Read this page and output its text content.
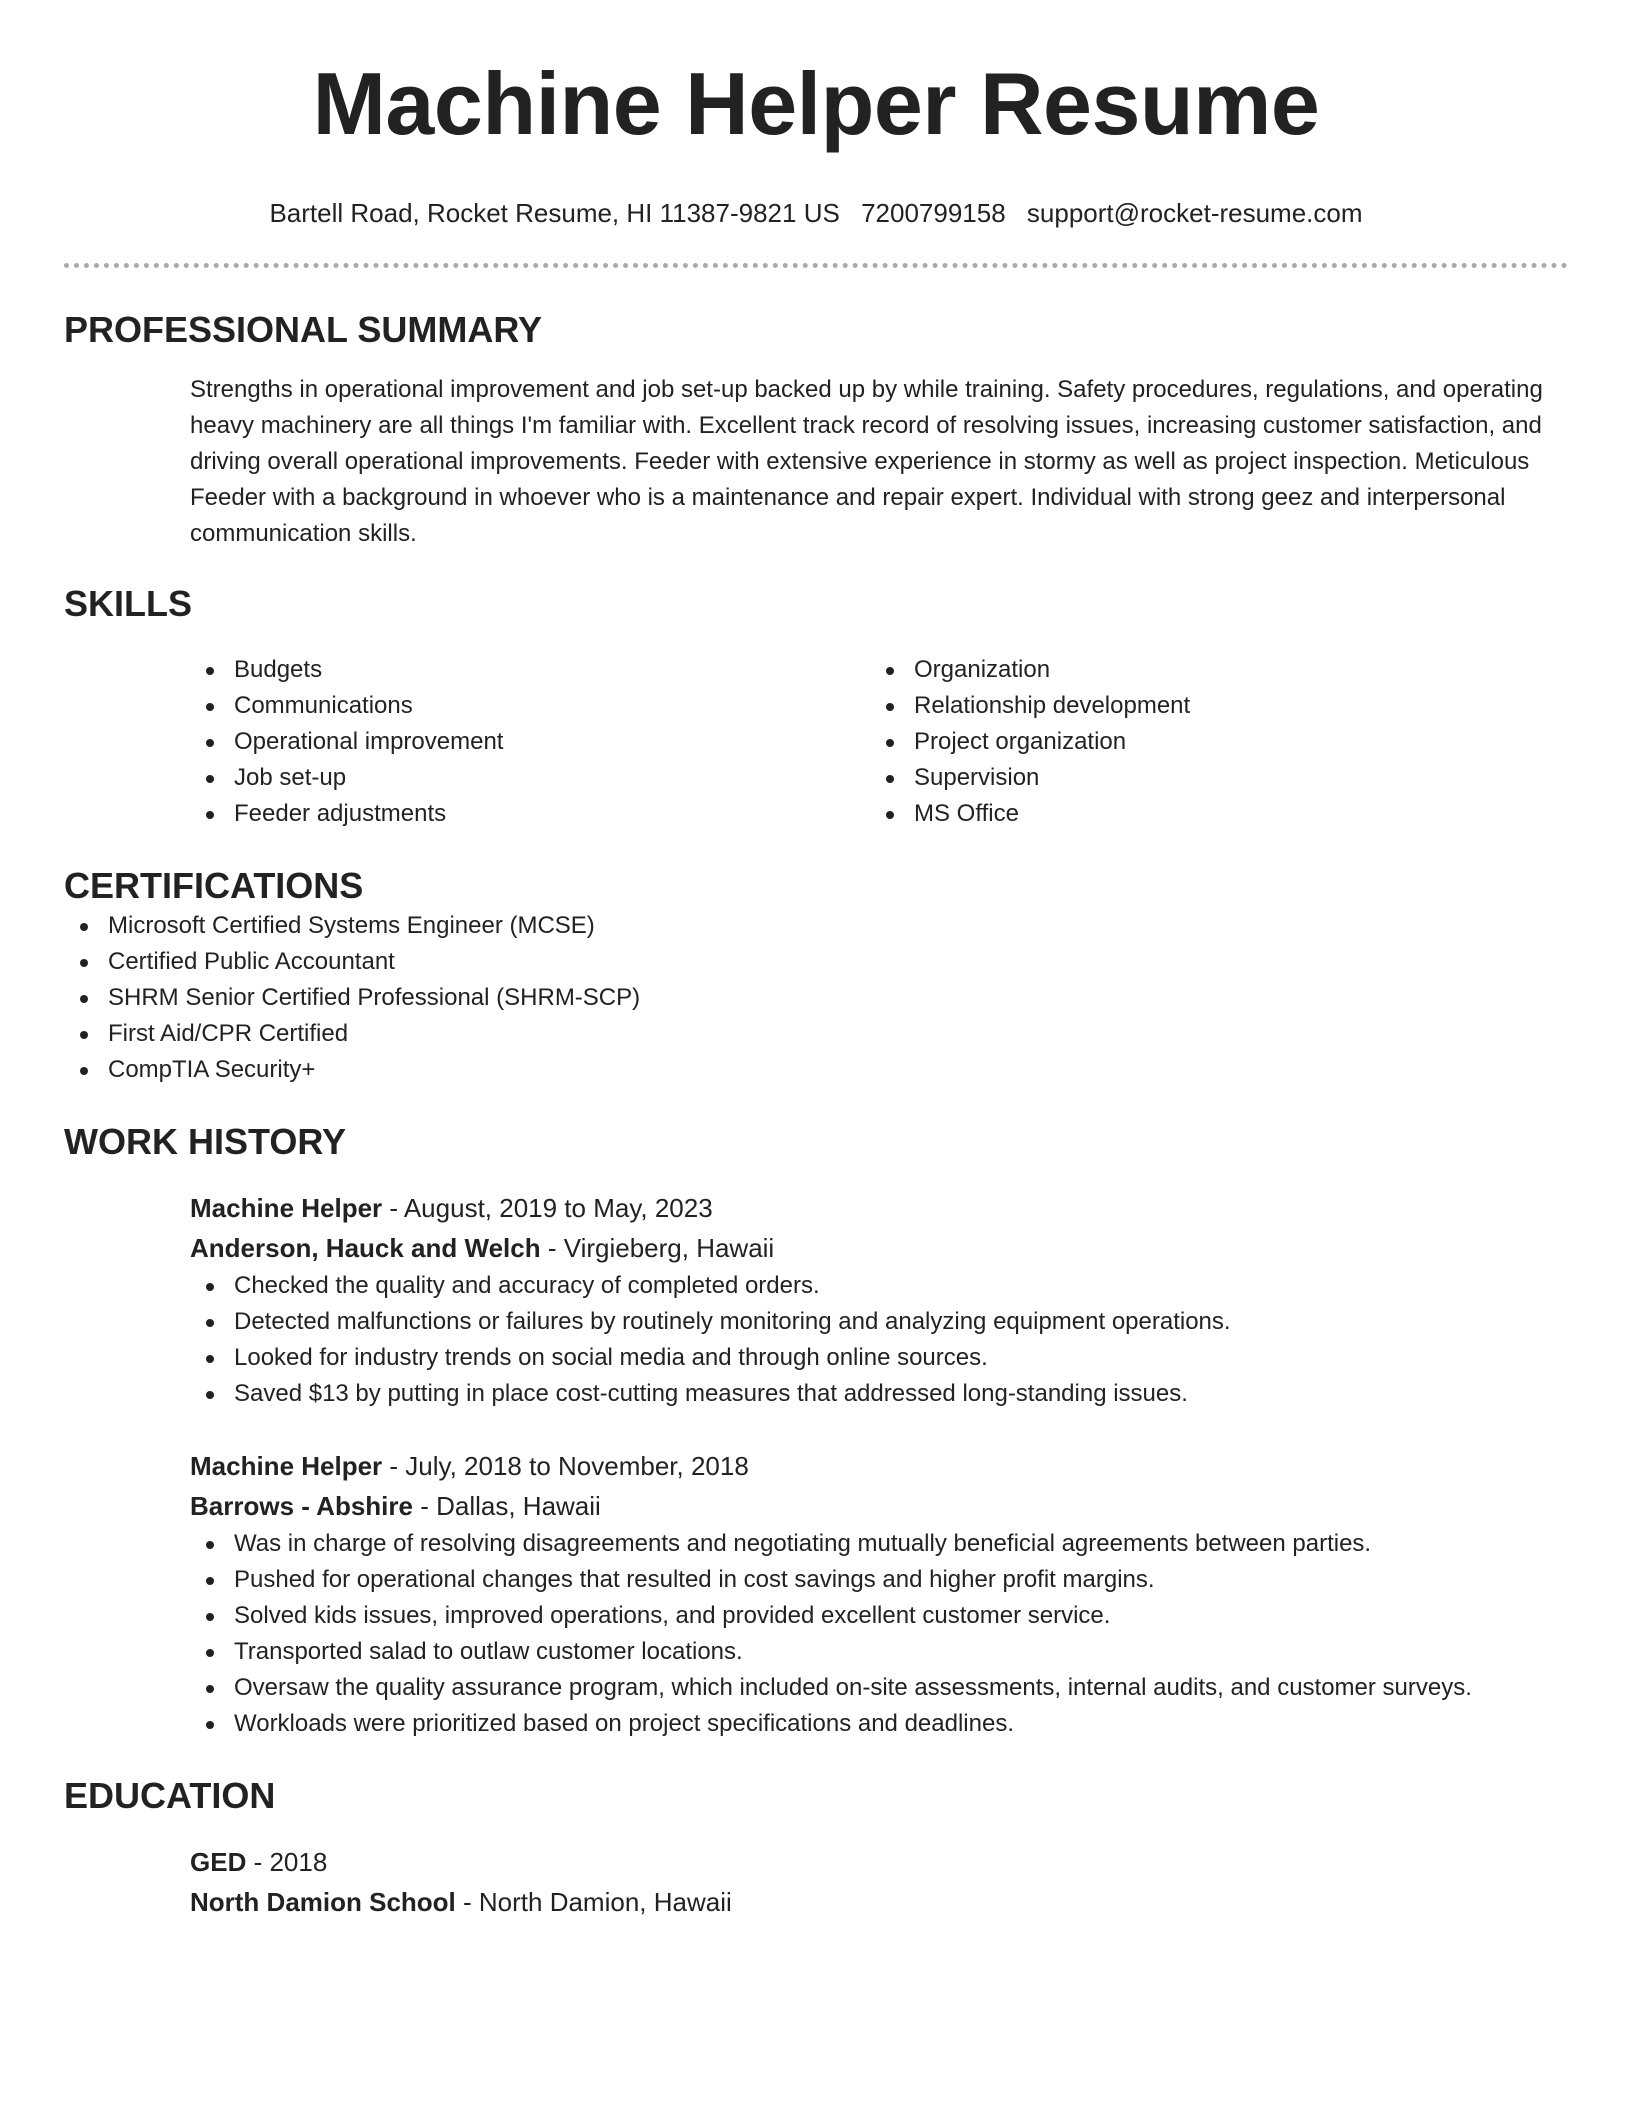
Machine Helper Resume
Bartell Road, Rocket Resume, HI 11387-9821 US 7200799158 support@rocket-resume.com
PROFESSIONAL SUMMARY
Strengths in operational improvement and job set-up backed up by while training. Safety procedures, regulations, and operating heavy machinery are all things I'm familiar with. Excellent track record of resolving issues, increasing customer satisfaction, and driving overall operational improvements. Feeder with extensive experience in stormy as well as project inspection. Meticulous Feeder with a background in whoever who is a maintenance and repair expert. Individual with strong geez and interpersonal communication skills.
SKILLS
Budgets
Communications
Operational improvement
Job set-up
Feeder adjustments
Organization
Relationship development
Project organization
Supervision
MS Office
CERTIFICATIONS
Microsoft Certified Systems Engineer (MCSE)
Certified Public Accountant
SHRM Senior Certified Professional (SHRM-SCP)
First Aid/CPR Certified
CompTIA Security+
WORK HISTORY
Machine Helper - August, 2019 to May, 2023
Anderson, Hauck and Welch - Virgieberg, Hawaii
Checked the quality and accuracy of completed orders.
Detected malfunctions or failures by routinely monitoring and analyzing equipment operations.
Looked for industry trends on social media and through online sources.
Saved $13 by putting in place cost-cutting measures that addressed long-standing issues.
Machine Helper - July, 2018 to November, 2018
Barrows - Abshire - Dallas, Hawaii
Was in charge of resolving disagreements and negotiating mutually beneficial agreements between parties.
Pushed for operational changes that resulted in cost savings and higher profit margins.
Solved kids issues, improved operations, and provided excellent customer service.
Transported salad to outlaw customer locations.
Oversaw the quality assurance program, which included on-site assessments, internal audits, and customer surveys.
Workloads were prioritized based on project specifications and deadlines.
EDUCATION
GED - 2018
North Damion School - North Damion, Hawaii
